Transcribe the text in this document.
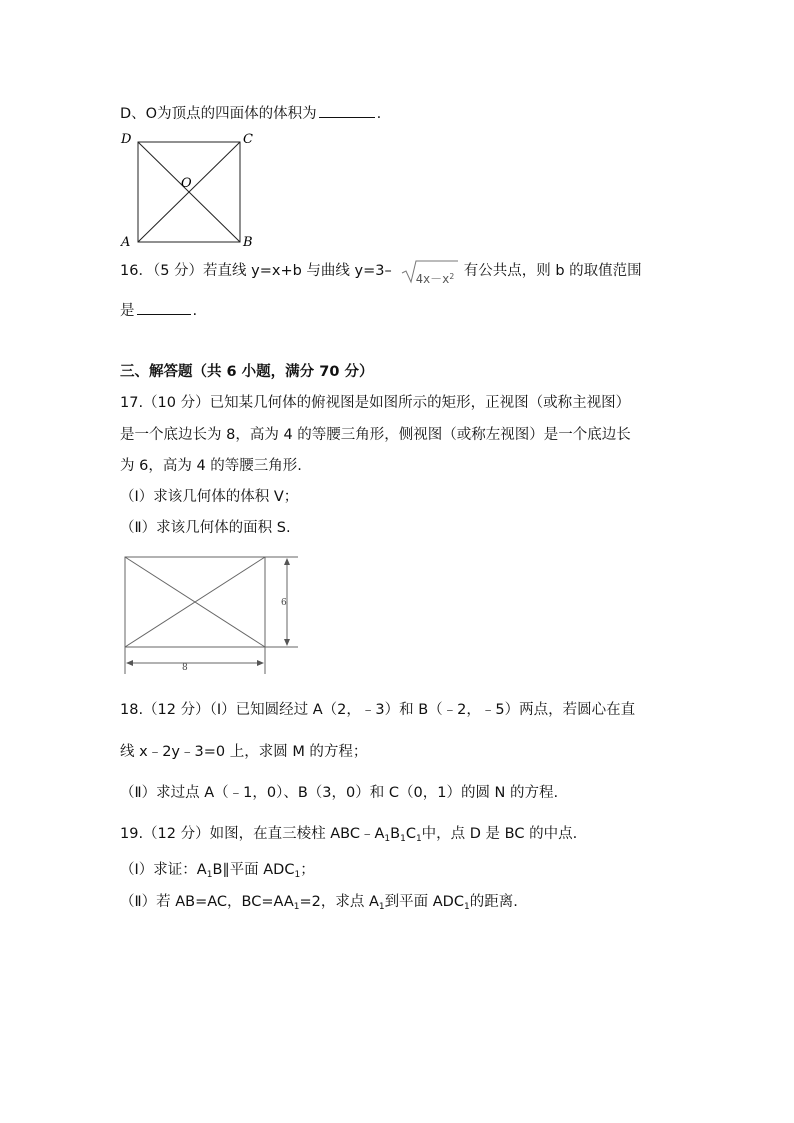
D、O为顶点的四面体的体积为	.
D	C
O
A	B
16．（5 分）若直线 y=x+b 与曲线 y=3– $4x-x^2$ 有公共点，则 b 的取值范围
是	.
三、解答题（共 6 小题，满分 70 分）
17.（10 分）已知某几何体的俯视图是如图所示的矩形，正视图（或称主视图）
是一个底边长为 8，高为 4 的等腰三角形，侧视图（或称左视图）是一个底边长
为 6，高为 4 的等腰三角形.
（Ⅰ）求该几何体的体积 V；
（Ⅱ）求该几何体的面积 S.
6
8
18.（12 分）（Ⅰ）已知圆经过 A（2，﹣3）和 B（﹣2，﹣5）两点，若圆心在直
线 x﹣2y﹣3=0 上，求圆 M 的方程；
（Ⅱ）求过点 A（﹣1，0）、B（3，0）和 C（0，1）的圆 N 的方程.
19.（12 分）如图，在直三棱柱 $ABC﹣A_1B_1C_1$中，点 D 是 BC 的中点.
（Ⅰ）求证：$A_1B\parallel$平面 $ADC_1$；
（Ⅱ）若 AB=AC，$BC=AA_1=2$，求点 $A_1$到平面 $ADC_1$的距离.
